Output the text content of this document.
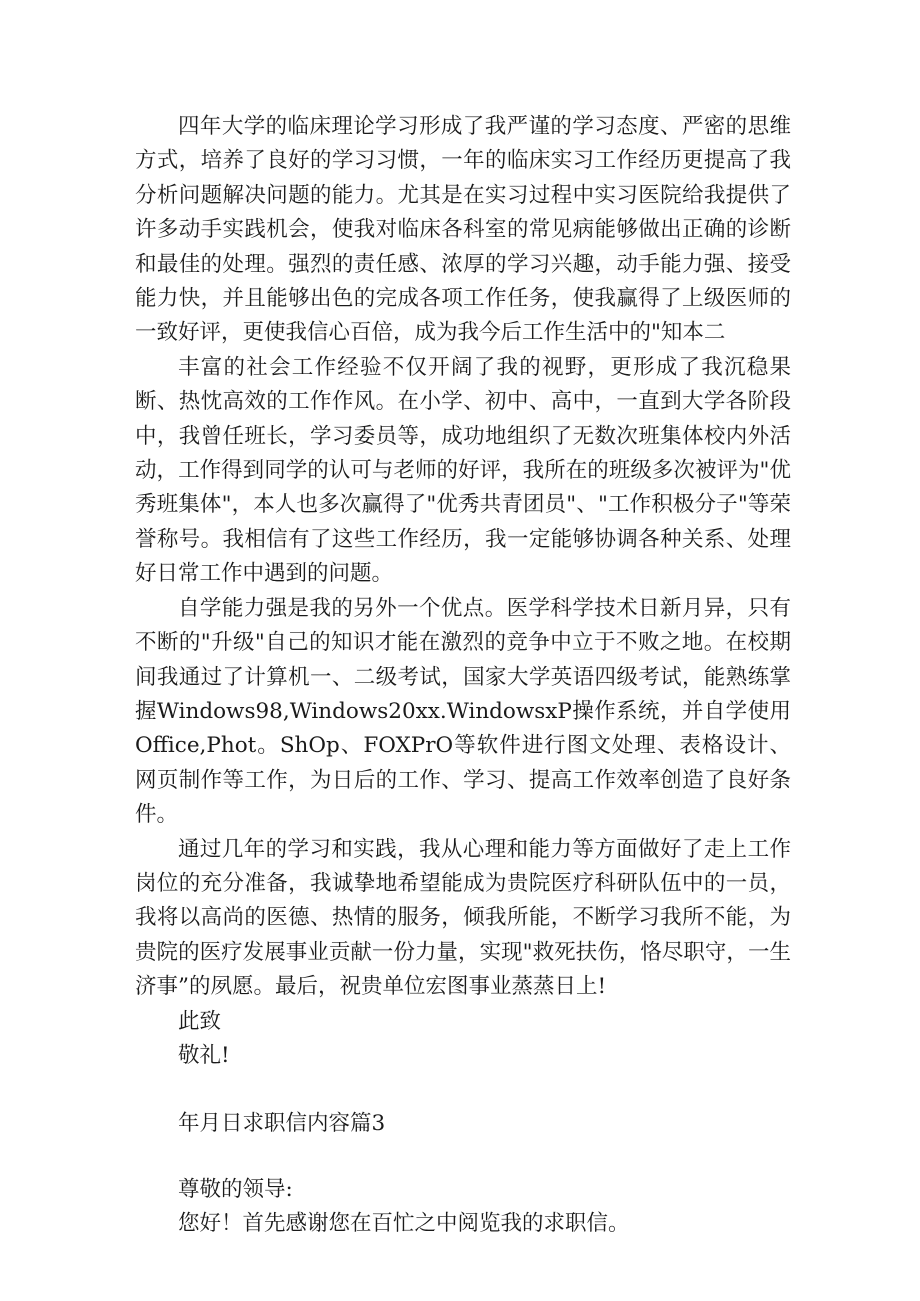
四年大学的临床理论学习形成了我严谨的学习态度、严密的思维方式，培养了良好的学习习惯，一年的临床实习工作经历更提高了我分析问题解决问题的能力。尤其是在实习过程中实习医院给我提供了许多动手实践机会，使我对临床各科室的常见病能够做出正确的诊断和最佳的处理。强烈的责任感、浓厚的学习兴趣，动手能力强、接受能力快，并且能够出色的完成各项工作任务，使我赢得了上级医师的一致好评，更使我信心百倍，成为我今后工作生活中的"知本二

丰富的社会工作经验不仅开阔了我的视野，更形成了我沉稳果断、热忱高效的工作作风。在小学、初中、高中，一直到大学各阶段中，我曾任班长，学习委员等，成功地组织了无数次班集体校内外活动，工作得到同学的认可与老师的好评，我所在的班级多次被评为"优秀班集体"，本人也多次赢得了"优秀共青团员"、"工作积极分子"等荣誉称号。我相信有了这些工作经历，我一定能够协调各种关系、处理好日常工作中遇到的问题。

自学能力强是我的另外一个优点。医学科学技术日新月异，只有不断的"升级"自己的知识才能在激烈的竞争中立于不败之地。在校期间我通过了计算机一、二级考试，国家大学英语四级考试，能熟练掌握Windows98,Windows20xx.WindowsxP操作系统，并自学使用Office,Phot。ShOp、FOXPrO等软件进行图文处理、表格设计、网页制作等工作，为日后的工作、学习、提高工作效率创造了良好条件。

通过几年的学习和实践，我从心理和能力等方面做好了走上工作岗位的充分准备，我诚挚地希望能成为贵院医疗科研队伍中的一员，我将以高尚的医德、热情的服务，倾我所能，不断学习我所不能，为贵院的医疗发展事业贡献一份力量，实现"救死扶伤，恪尽职守，一生济事”的夙愿。最后，祝贵单位宏图事业蒸蒸日上!

此致

敬礼!

年月日求职信内容篇3

尊敬的领导:

您好！首先感谢您在百忙之中阅览我的求职信。
